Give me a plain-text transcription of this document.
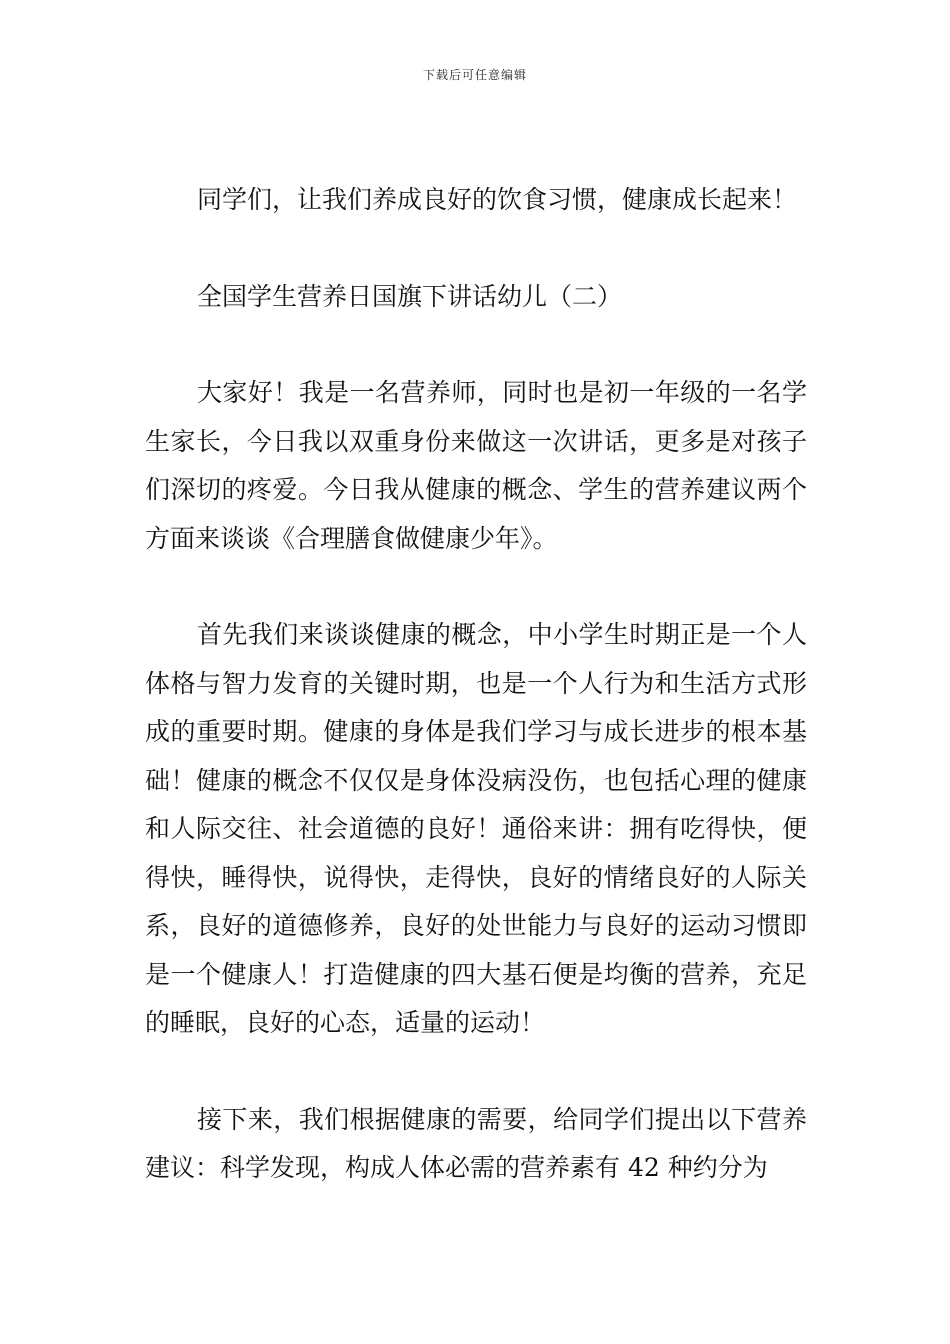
下载后可任意编辑

同学们，让我们养成良好的饮食习惯，健康成长起来！

全国学生营养日国旗下讲话幼儿（二）

大家好！我是一名营养师，同时也是初一年级的一名学生家长，今日我以双重身份来做这一次讲话，更多是对孩子们深切的疼爱。今日我从健康的概念、学生的营养建议两个方面来谈谈《合理膳食做健康少年》。

首先我们来谈谈健康的概念，中小学生时期正是一个人体格与智力发育的关键时期，也是一个人行为和生活方式形成的重要时期。健康的身体是我们学习与成长进步的根本基础！健康的概念不仅仅是身体没病没伤，也包括心理的健康和人际交往、社会道德的良好！通俗来讲：拥有吃得快，便得快，睡得快，说得快，走得快，良好的情绪良好的人际关系，良好的道德修养，良好的处世能力与良好的运动习惯即是一个健康人！打造健康的四大基石便是均衡的营养，充足的睡眠，良好的心态，适量的运动！

接下来，我们根据健康的需要，给同学们提出以下营养建议：科学发现，构成人体必需的营养素有 42 种约分为
